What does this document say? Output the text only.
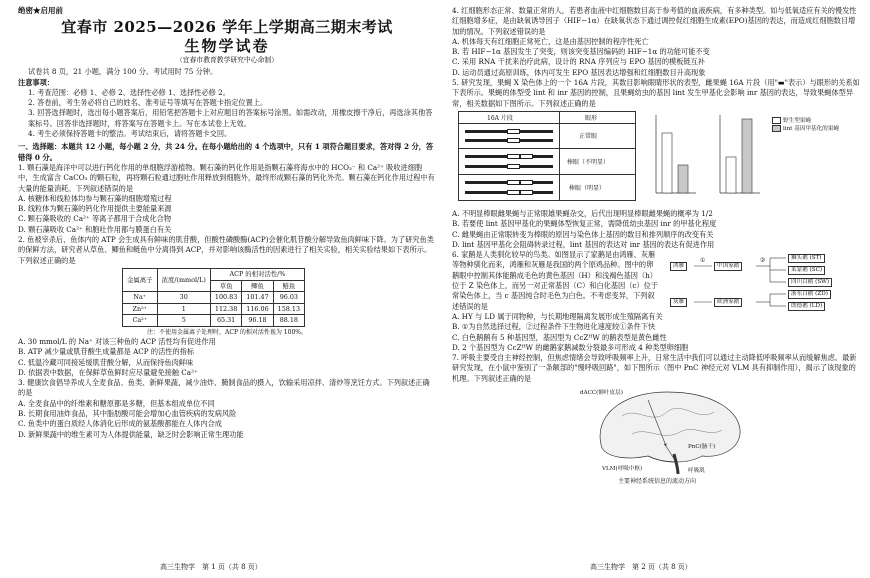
绝密★启用前

宜春市 2025—2026 学年上学期高三期末考试

生物学试卷

（宜春市教育教学研究中心命制）

试卷共 8 页，21 小题，满分 100 分。考试用时 75 分钟。

注意事项：

1. 考查范围：必修 1、必修 2、选择性必修 1、选择性必修 2。

2. 答卷前，考生务必将自己的姓名、准考证号等填写在答题卡指定位置上。

3. 回答选择题时，选出每小题答案后，用铅笔把答题卡上对应题目的答案标号涂黑。如需改动，用橡皮擦干净后，再选涂其他答案标号。回答非选择题时，将答案写在答题卡上。写在本试卷上无效。

4. 考生必须保持答题卡的整洁。考试结束后，请将答题卡交回。

一、选择题：本题共 12 小题，每小题 2 分，共 24 分。在每小题给出的 4 个选项中，只有 1 项符合题目要求，答对得 2 分，答错得 0 分。

1. 颗石藻是海洋中可以进行钙化作用的单细胞浮游植物。颗石藻的钙化作用是指颗石藻将海水中的 HCO₃⁻ 和 Ca²⁺ 吸收进细胞中，生成富含 CaCO₃ 的颗石粒，再将颗石粒通过胞吐作用释放到细胞外，最终形成颗石藻的钙化外壳。颗石藻在钙化作用过程中有大量的能量消耗。下列叙述错误的是

A. 核糖体和线粒体均参与颗石藻的细胞增殖过程

B. 线粒体为颗石藻的钙化作用提供主要能量来源

C. 颗石藻吸收的 Ca²⁺ 等离子都用于合成化合物

D. 颗石藻吸收 Ca²⁺ 和胞吐作用都与膜蛋白有关

2. 鱼被宰杀后，鱼体内的 ATP 会生成具有鲜味的肌苷酸，但酸性磷酸酶(ACP)会催化肌苷酸分解导致鱼肉鲜味下降。为了研究鱼类的保鲜方法，研究者从草鱼、鲫鱼和鲢鱼中分离得到 ACP，并对影响该酶活性的因素进行了相关实验，相关实验结果如下表所示。下列叙述正确的是

金属离子	浓度/(mmol/L)	ACP 的相对活性/%		
		草鱼	鲫鱼	鲢鱼
Na⁺	30	100.83	101.47	96.03
Zn²⁺	1	112.38	116.06	158.13
Ca²⁺	5	65.31	96.18	88.18

注：不使用金属离子处理时，ACP 的相对活性视为 100%。

A. 30 mmol/L 的 Na⁺ 对该三种鱼的 ACP 活性均有促进作用

B. ATP 减少量或肌苷酸生成量都是 ACP 的活性的指标

C. 低温冷藏可同接延缓肌苷酸分解，从而保持鱼肉鲜味

D. 依据表中数据，在保鲜草鱼鲜时应尽量避免接触 Ca²⁺

3. 健康饮食倡导养成人全麦食品、鱼类、新鲜果蔬，减少油炸、腌制食品的摄入，饮输采用凉拌、清炒等烹饪方式。下列叙述正确的是

A. 全麦食品中的纤维素和糖原都是多糖，但基本组成单位不同

B. 长期食用油炸食品，其中脂肪酸可能会增加心血管疾病的发病风险

C. 鱼类中的蛋白质经人体消化后形成的氨基酸都能在人体内合成

D. 新鲜果蔬中的维生素可为人体提供能量，缺乏时会影响正常生理功能

高三生物学　第 1 页（共 8 页）

4. 红细胞形态正常、数量正常的人，若患者血液中红细胞数目高于参考值的血液疾病，有多种类型。如与低氧适应有关的慢发性红细胞增多症，是由缺氧诱导因子（HIF−1α）在缺氧状态下通过调控促红细胞生成素(EPO)基因的表达，而造成红细胞数目增加的情况。下列叙述错误的是

A. 机体每天有红细胞正常死亡，这是由基因控制的程序性死亡

B. 若 HIF−1α 基因发生了突变，则该突变基因编码的 HIF−1α 的功能可能不变

C. 采用 RNA 干扰来治疗此病，设计的 RNA 序列应与 EPO 基因的模板链互补

D. 运动员通过高原训练，体内可发生 EPO 基因表达增强和红细胞数目升高现象

5. 研究发现，果蝇 X 染色体上的一个 16A 片段，其数目影响眼睛形状的表型，雌果蝇 16A 片段（用"▬"表示）与眼形的关系如下表所示。果蝇的体型受 lint 和 inr 基因的控制，且果蝇幼虫的基因 lint 发生甲基化会影响 inr 基因的表达，导致果蝇体型异常，相关数据如下图所示。下列叙述正确的是

16A 片段	眼形
正常眼
棒眼（不明显）
棒眼（明显）
野生型果蝇
lint 基因甲基化的果蝇

A. 不明显棒眼雌果蝇与正常眼雄果蝇杂交，后代出现明显棒眼雌果蝇的概率为 1/2

B. 若要使 lint 基因甲基化的果蝇体型恢复正常，需降低幼虫基因 inr 的甲基化程度

C. 雌果蝇由正常眼转变为棒眼的原因与染色体上基因的数目和排列顺序的改变有关

D. lint 基因甲基化会阻碍转录过程，lint 基因的表达对 inr 基因的表达有促进作用

6. 家鹅是人类驯化较早的鸟类。如图显示了家鹅是由鸿雁、灰雁等物种驯化而来，鸿雁和灰雁是我国的两个原鸡品种。图中的卵鹅眼中控制其体能鹅成毛色的黄色基因（H）和浅褐色基因（h）位于 Z 染色体上，而另一对正常基因（C）和白化基因（c）位于常染色体上，当 c 基因纯合时毛色为白色。不考虑变异，下列叙述错误的是

鸿雁	中国家鹅
灰雁	欧洲家鹅
①	②	狮头鹅 (ST)
莱蒙鹅 (SC)
四川白鹅 (SW)
浙东白鹅 (ZD)
朗德鹅 (LD)

A. HY 与 LD 属于同物种，与长期地理隔离发展形成生殖隔离有关

B. ①为自然选择过程，②过程条件下生物进化速度较①条件下快

C. 白色鹅鹅有 5 种基因型，基因型为 CcZᴴW 的鹅表型是黄色雌性

D. 2 个基因型为 CcZᴴW 的雌鹅家鹅减数分裂最多可形成 4 种类型卵细胞

7. 呼吸主要受自主神经控制，但焦虑情绪会导致呼吸频率上升，日常生活中我们可以通过主动降低呼吸频率从而缓解焦虑。最新研究发现，在小鼠中鉴别了一条额部的"慢呼吸回路"，如下图所示（图中 PnC 神经元对 VLM 具有抑制作用），揭示了该现象的机理。下列叙述正确的是

dACC(额叶皮层)
PnC(脑干)
VLM(呼吸中枢)	呼吸肌

主要神经系统信息的流动方向

高三生物学　第 2 页（共 8 页）
